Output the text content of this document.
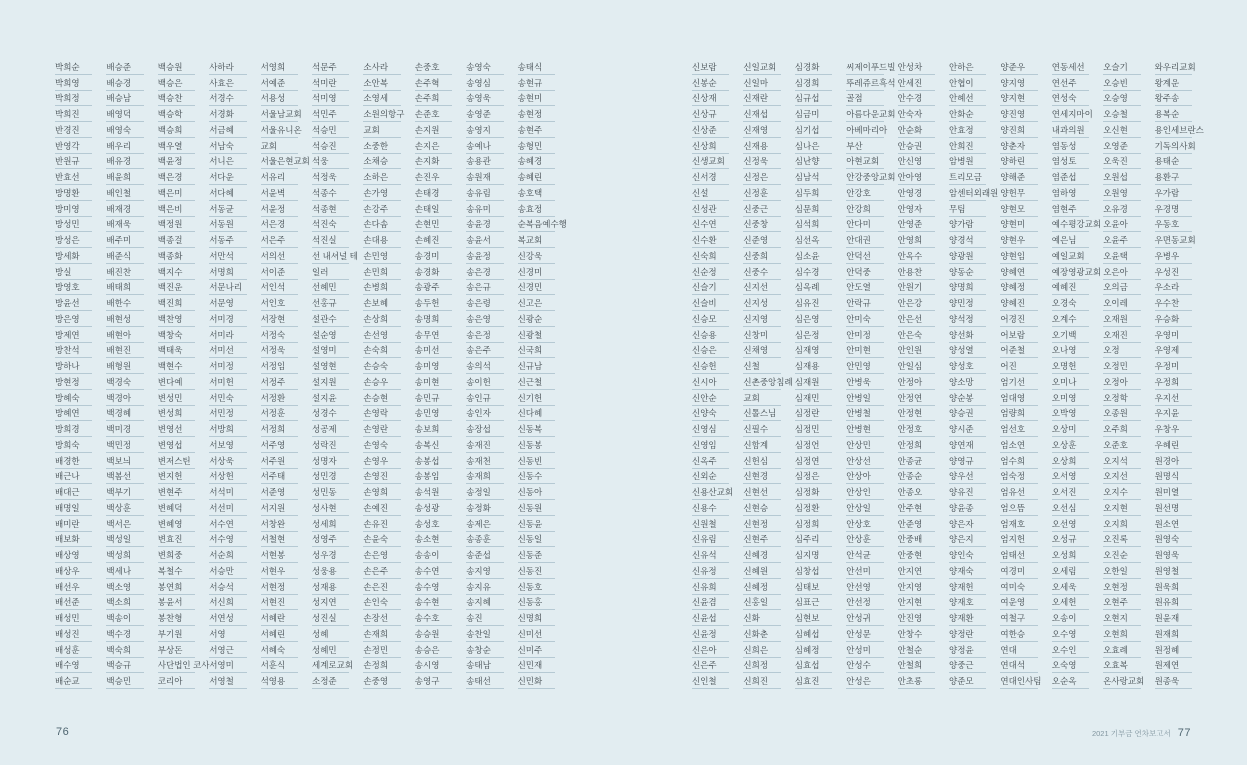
박희순
박희영
박희정
박희진
반경진
반영각
반원규
반효선
방명환
방미영
방성민
방성은
방세화
방실
방영호
방윤선
방은영
방제연
방찬석
방하나
방현정
방혜숙
방혜연
방희경
방희숙
배경한
배근나
배대근
배명일
배미란
배보화
배상영
배상우
배선우
배선준
배성민
배성진
배성훈
배수영
배순교
배승준
배승경
배승남
배영덕
배영숙
배우리
배유경
배윤희
배인철
배재경
배재욱
배주미
배준식
배진찬
배태희
배한수
배현성
배현아
배현진
배형원
백경숙
백경아
백경혜
백미경
백민정
백보늬
백봄선
백부기
백상훈
백서은
백성일
백성희
백세나
백소영
백소희
백송이
백수경
백숙희
백승규
백승민
백승원
백승은
백승찬
백승학
백승희
백우열
백윤정
백은경
백은미
백은비
백정원
백종걸
백종화
백지수
백진운
백진희
백찬영
백창숙
백태욱
백현수
변다예
변성민
변성희
변영선
변영섭
변저스틴
변지헌
변현주
변혜덕
변혜영
변효진
변희중
복철수
봉연희
봉윤서
봉찬형
부기원
부상돈
사단법인 코사
코리아
사하라
사효은
서경수
서경화
서금혜
서남숙
서니은
서다운
서다혜
서동균
서동원
서동주
서만석
서명희
서문나리
서문영
서미경
서미라
서미선
서미정
서미헌
서민숙
서민정
서방희
서보영
서상욱
서상헌
서석미
서선미
서수연
서수영
서순희
서승만
서승석
서신희
서연성
서영
서영근
서영미
서영철
서영희
서예준
서용성
서울남교회
서울유니온
교회
서울은현교회
서유리
서윤벽
서윤정
서은경
서은주
서의선
서이준
서인석
서인호
서장현
서정숙
서정욱
서정임
서정주
서정환
서정훈
서정희
서주영
서주원
서주태
서준영
서지원
서창완
서철현
서현봉
서현우
서현정
서현진
서혜란
서혜린
서혜숙
서훈식
석영용
석문주
석미란
석미영
석민주
석승민
석승진
석웅
석정욱
석종수
석종현
석진숙
석진실
선 내셔널 테
일러
선혜민
선홍규
설관수
설순영
설영미
설영현
설지원
설지윤
성경수
성공제
성락진
성명자
성민경
성민동
성사현
성세희
성영주
성우경
성웅용
성재용
성지연
성진실
성혜
성혜민
세계로교회
소정준
소사라
소안복
소영세
소원의항구
교회
소중한
소채승
소하은
손가영
손강주
손다솜
손대용
손민영
손민희
손병희
손보혜
손상희
손선영
손숙희
손승숙
손승우
손승현
손영락
손영란
손영숙
손영우
손영진
손영희
손예진
손유진
손윤숙
손은영
손은주
손은진
손인숙
손장선
손재희
손정민
손정희
손중영
손중호
손주혁
손주희
손준호
손지원
손지은
손지화
손진우
손태경
손태일
손현민
손혜진
송경미
송경화
송광주
송두헌
송명희
송무연
송미선
송미영
송미현
송민규
송민영
송보희
송복신
송봉섭
송봉임
송석원
송성광
송성호
송소현
송송이
송수연
송수영
송수현
송수호
송승원
송승은
송시영
송영구
송영숙
송영심
송영욱
송영준
송영지
송예나
송용관
송원재
송유림
송유미
송윤경
송윤서
송윤정
송은경
송은규
송은령
송은영
송은정
송은주
송의석
송이헌
송인규
송인자
송장섭
송재진
송재천
송재희
송정일
송정화
송제은
송종훈
송준섭
송지영
송지유
송지혜
송진
송찬일
송창순
송태남
송태선
송태식
송현규
송현미
송현정
송현주
송형민
송혜경
송혜린
송호택
송효정
순복음예수행
복교회
신강욱
신경미
신경민
신고은
신광순
신광철
신국희
신규남
신근철
신기헌
신다혜
신동복
신동봉
신동빈
신동수
신동아
신동원
신동윤
신동일
신동준
신동진
신동호
신동홍
신명희
신미선
신미주
신민재
신민화
신보람
신봉순
신상재
신상규
신상준
신상희
신생교회
신서경
신설
신성관
신수연
신수환
신숙희
신순정
신슬기
신슬비
신승모
신승용
신승은
신승헌
신시아
신안순
신양숙
신영심
신영임
신옥주
신외순
신용산교회
신용수
신원철
신유림
신유석
신유정
신유희
신윤겸
신윤섭
신윤정
신은아
신은주
신인철
신일교회
신일마
신재란
신재섭
신재영
신재용
신정욱
신정은
신정훈
신중근
신중창
신준영
신중희
신중수
신지선
신지성
신지영
신창미
신채영
신철
신촌중앙침례
교회
신톨스님
신필수
신함계
신헌심
신현경
신현선
신현승
신현정
신현주
신혜경
신혜원
신혜정
신홍일
신화
신화춘
신희은
신희정
신희진
심경화
심경희
심규섭
심금미
심기섭
심나은
심난향
심남석
심두희
심문희
심석희
심선옥
심소윤
심수경
심옥례
심유진
심은영
심은정
심재영
심재용
심재원
심재민
심정란
심정민
심정언
심정연
심정은
심정화
심정환
심정희
심주리
심지명
심창섭
심태보
심표근
심현보
심혜섭
심혜정
심효섭
심효진
씨제이푸드빌
뚜레쥬르흑석
골점
아름다운교회
아베마리아
부산
아현교회
안강중앙교회
안강호
안강희
안다미
안대권
안덕선
안덕중
안도열
안락규
안미숙
안미정
안미현
안민영
안병욱
안병일
안병철
안병현
안상민
안상선
안상아
안상인
안상일
안상호
안상훈
안석균
안선미
안선영
안선정
안성귀
안성문
안성미
안성수
안성은
안성차
안세진
안수경
안숙자
안순화
안승권
안신영
안아영
안영경
안영자
안영준
안영희
안옥수
안용찬
안원기
안은강
안은선
안은숙
안인원
안일심
안정아
안정연
안정현
안정호
안정희
안종균
안종순
안종오
안주현
안준영
안중배
안중현
안지연
안지영
안지현
안진영
안창수
안철순
안철희
안초롱
안하은
안협이
안혜선
안화순
안효정
안희진
암병원
트리모금
암센터외래원
무팀
양가람
양경석
양광원
양동순
양명희
양민정
양석정
양선화
양성열
양성호
양소망
양순봉
양승권
양시준
양연재
양영규
양우선
양유진
양윤종
양은자
양은지
양인숙
양재숙
양재헌
양재호
양재환
양정란
양정윤
양중근
양준모
양준우
양지영
양지현
양진영
양진희
양춘자
양하린
양해준
양헌무
양현모
양현미
양현우
양현임
양혜연
양혜정
양혜진
어경진
어보람
어준철
어진
엄기선
엄대영
엄량희
엄선호
엄소연
엄수희
엄숙정
엄유선
엄으뜸
엄재호
엄지헌
엄태선
여경미
여미숙
여운영
여철구
여한승
연대
연대석
연대인사팀
연동세선
연선주
연성숙
연세지마이
내과의원
염동성
염성토
염준섭
염하영
염현주
예수평강교회
예은님
예일교회
예장영광교회
예혜진
오경숙
오계수
오기백
오나영
오명헌
오미나
오미영
오박영
오상미
오상훈
오상희
오서영
오서진
오선심
오선영
오성규
오성희
오세림
오세욱
오세헌
오송이
오수영
오수인
오숙영
오순옥
오슬기
오승빈
오승영
오승철
오신현
오영준
오욱진
오원섭
오원영
오유경
오윤아
오윤주
오윤택
오은아
오의금
오이레
오재원
오재진
오정
오정민
오정아
오정학
오종원
오주희
오준호
오지석
오지선
오지수
오지현
오지희
오진록
오진순
오한일
오현정
오현주
오현지
오현희
오효례
오효복
온사랑교회
와우리교회
왕계운
왕주송
용복순
용인세브란스
기독의사회
용태순
용환구
우가람
우경명
우동호
우면동교회
우병우
우성진
우소라
우수찬
우승화
우영미
우영제
우정미
우정희
우지선
우지윤
우창우
우혜린
원경아
원명식
원미열
원선명
원소연
원영숙
원영욱
원영철
원욱희
원유희
원윤재
원재희
원정혜
원제연
원종욱
76	2021 기부금 연차보고서 77
